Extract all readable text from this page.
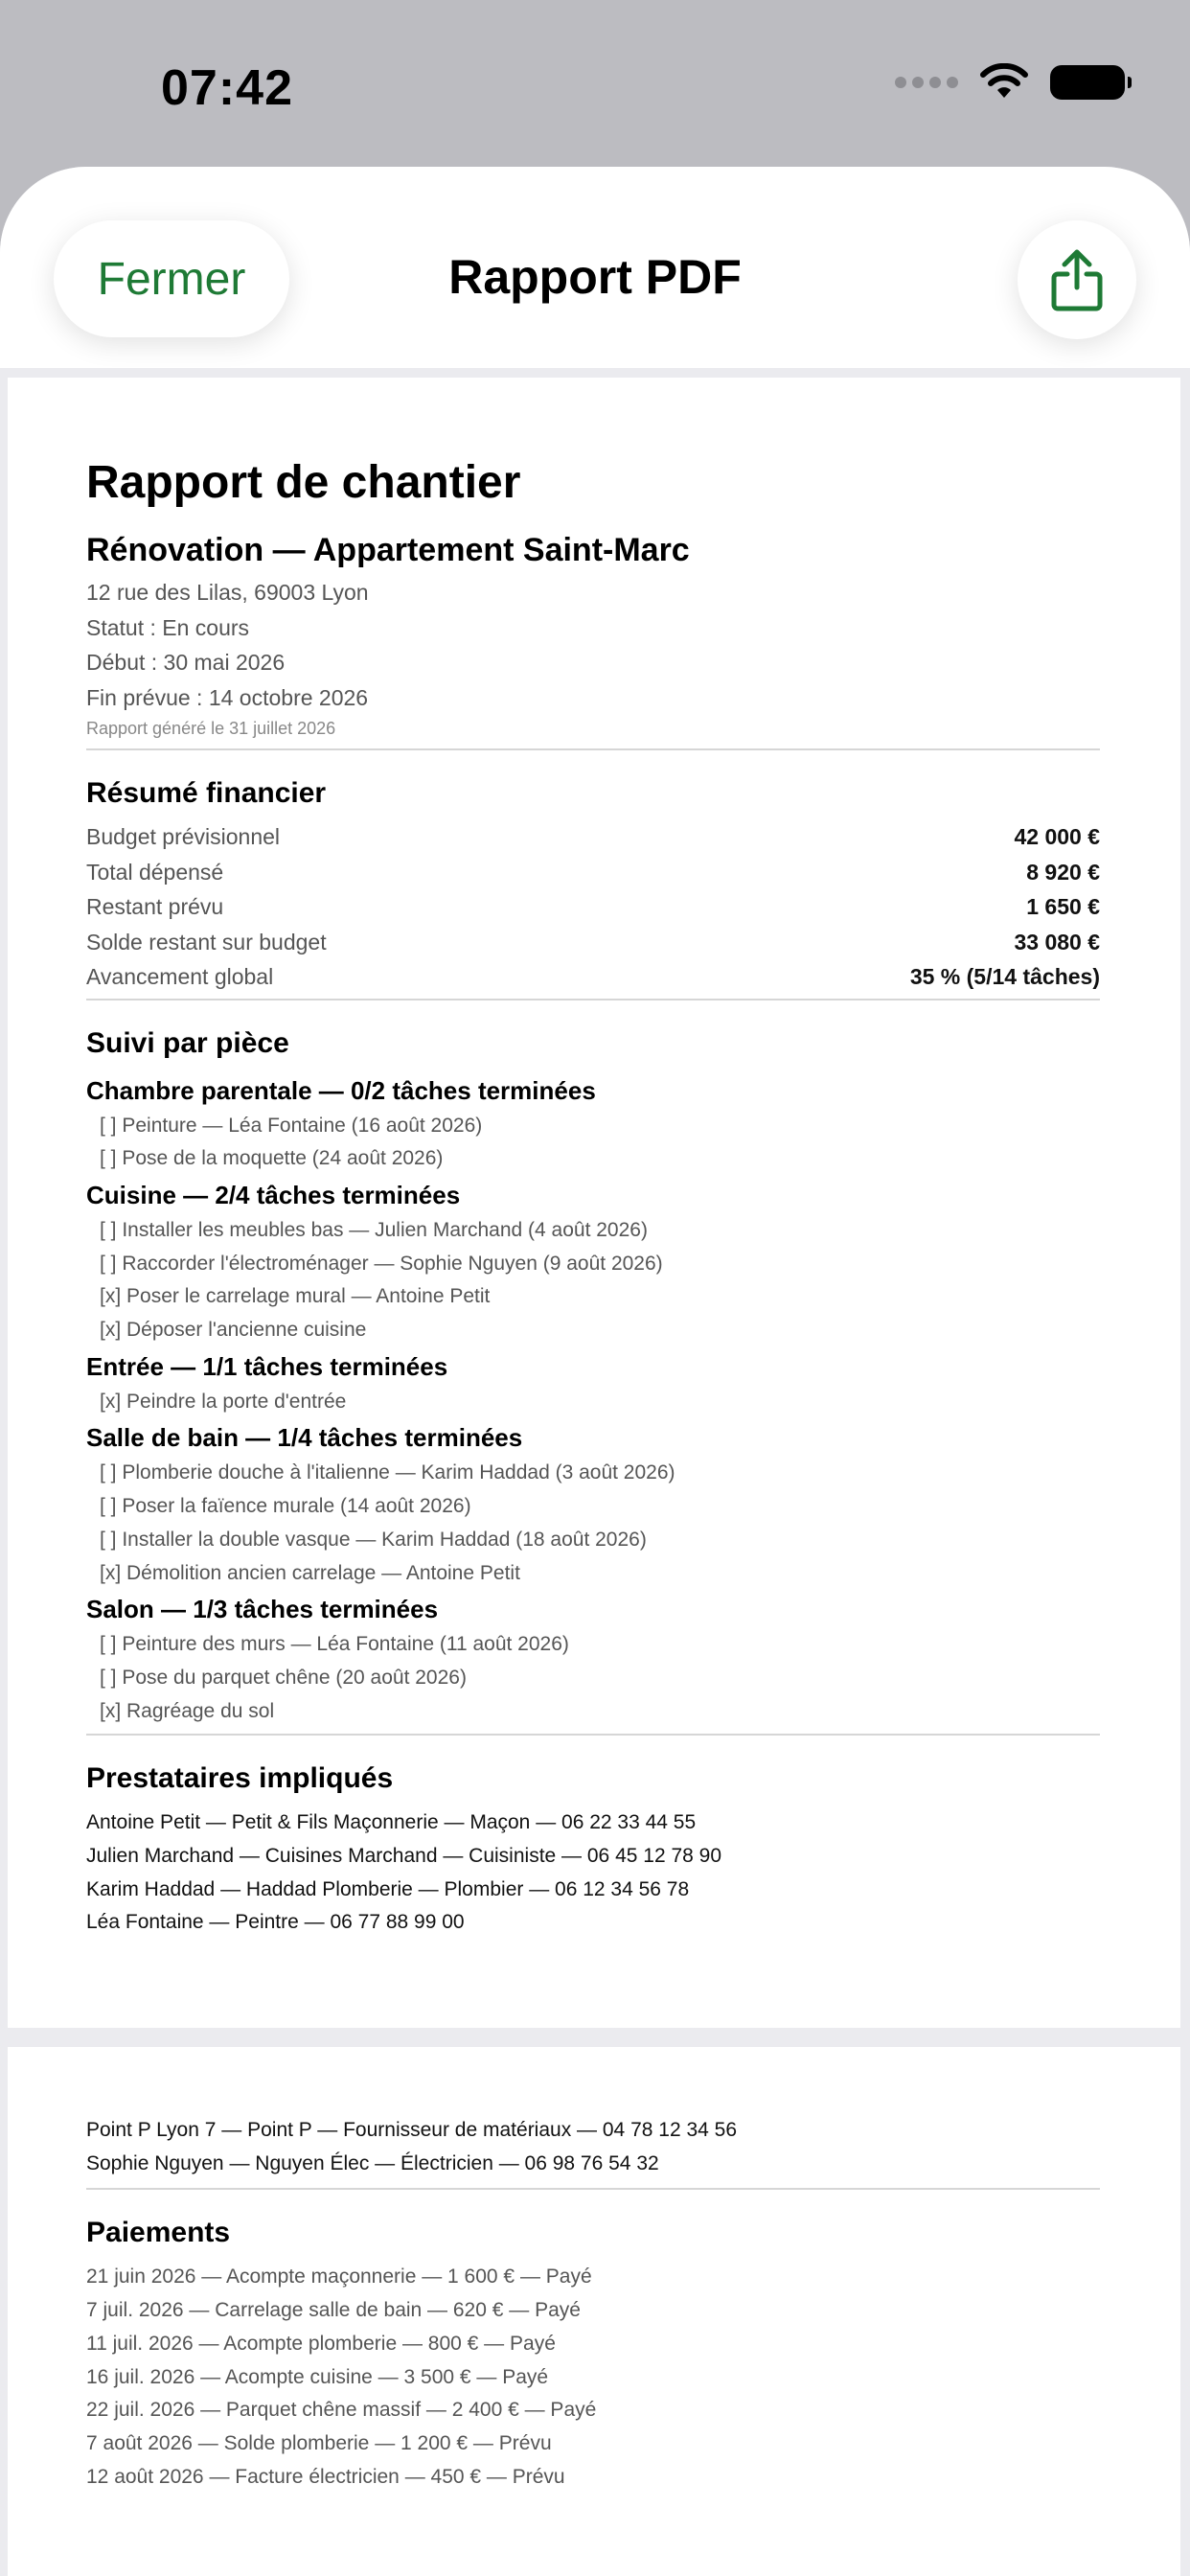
07:42
Fermer	Rapport PDF
Rapport de chantier
Rénovation — Appartement Saint-Marc
12 rue des Lilas, 69003 Lyon
Statut : En cours
Début : 30 mai 2026
Fin prévue : 14 octobre 2026
Rapport généré le 31 juillet 2026
Résumé financier
Budget prévisionnel	42 000 €
Total dépensé	8 920 €
Restant prévu	1 650 €
Solde restant sur budget	33 080 €
Avancement global	35 % (5/14 tâches)
Suivi par pièce
Chambre parentale — 0/2 tâches terminées
[ ] Peinture — Léa Fontaine (16 août 2026)
[ ] Pose de la moquette (24 août 2026)
Cuisine — 2/4 tâches terminées
[ ] Installer les meubles bas — Julien Marchand (4 août 2026)
[ ] Raccorder l'électroménager — Sophie Nguyen (9 août 2026)
[x] Poser le carrelage mural — Antoine Petit
[x] Déposer l'ancienne cuisine
Entrée — 1/1 tâches terminées
[x] Peindre la porte d'entrée
Salle de bain — 1/4 tâches terminées
[ ] Plomberie douche à l'italienne — Karim Haddad (3 août 2026)
[ ] Poser la faïence murale (14 août 2026)
[ ] Installer la double vasque — Karim Haddad (18 août 2026)
[x] Démolition ancien carrelage — Antoine Petit
Salon — 1/3 tâches terminées
[ ] Peinture des murs — Léa Fontaine (11 août 2026)
[ ] Pose du parquet chêne (20 août 2026)
[x] Ragréage du sol
Prestataires impliqués
Antoine Petit — Petit & Fils Maçonnerie — Maçon — 06 22 33 44 55
Julien Marchand — Cuisines Marchand — Cuisiniste — 06 45 12 78 90
Karim Haddad — Haddad Plomberie — Plombier — 06 12 34 56 78
Léa Fontaine — Peintre — 06 77 88 99 00
Point P Lyon 7 — Point P — Fournisseur de matériaux — 04 78 12 34 56
Sophie Nguyen — Nguyen Élec — Électricien — 06 98 76 54 32
Paiements
21 juin 2026 — Acompte maçonnerie — 1 600 € — Payé
7 juil. 2026 — Carrelage salle de bain — 620 € — Payé
11 juil. 2026 — Acompte plomberie — 800 € — Payé
16 juil. 2026 — Acompte cuisine — 3 500 € — Payé
22 juil. 2026 — Parquet chêne massif — 2 400 € — Payé
7 août 2026 — Solde plomberie — 1 200 € — Prévu
12 août 2026 — Facture électricien — 450 € — Prévu
